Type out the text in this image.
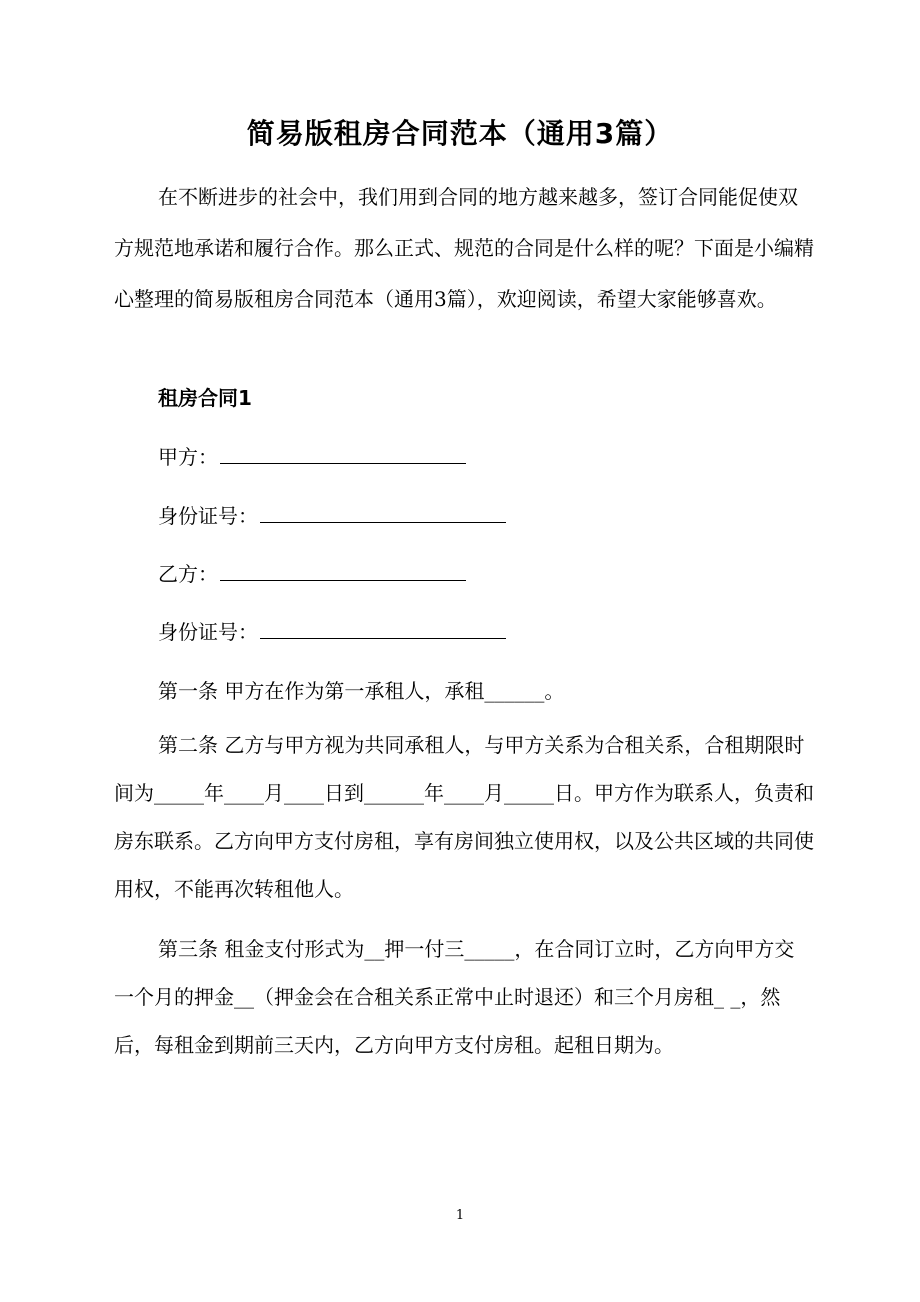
简易版租房合同范本（通用3篇）

在不断进步的社会中，我们用到合同的地方越来越多，签订合同能促使双方规范地承诺和履行合作。那么正式、规范的合同是什么样的呢？下面是小编精心整理的简易版租房合同范本（通用3篇），欢迎阅读，希望大家能够喜欢。

租房合同1
甲方：
身份证号：
乙方：
身份证号：
第一条 甲方在作为第一承租人，承租______。

第二条 乙方与甲方视为共同承租人，与甲方关系为合租关系，合租期限时间为_____年____月____日到______年____月_____日。甲方作为联系人，负责和房东联系。乙方向甲方支付房租，享有房间独立使用权，以及公共区域的共同使用权，不能再次转租他人。

第三条 租金支付形式为__押一付三_____，在合同订立时，乙方向甲方交一个月的押金__（押金会在合租关系正常中止时退还）和三个月房租_ _，然后，每租金到期前三天内，乙方向甲方支付房租。起租日期为。

1
